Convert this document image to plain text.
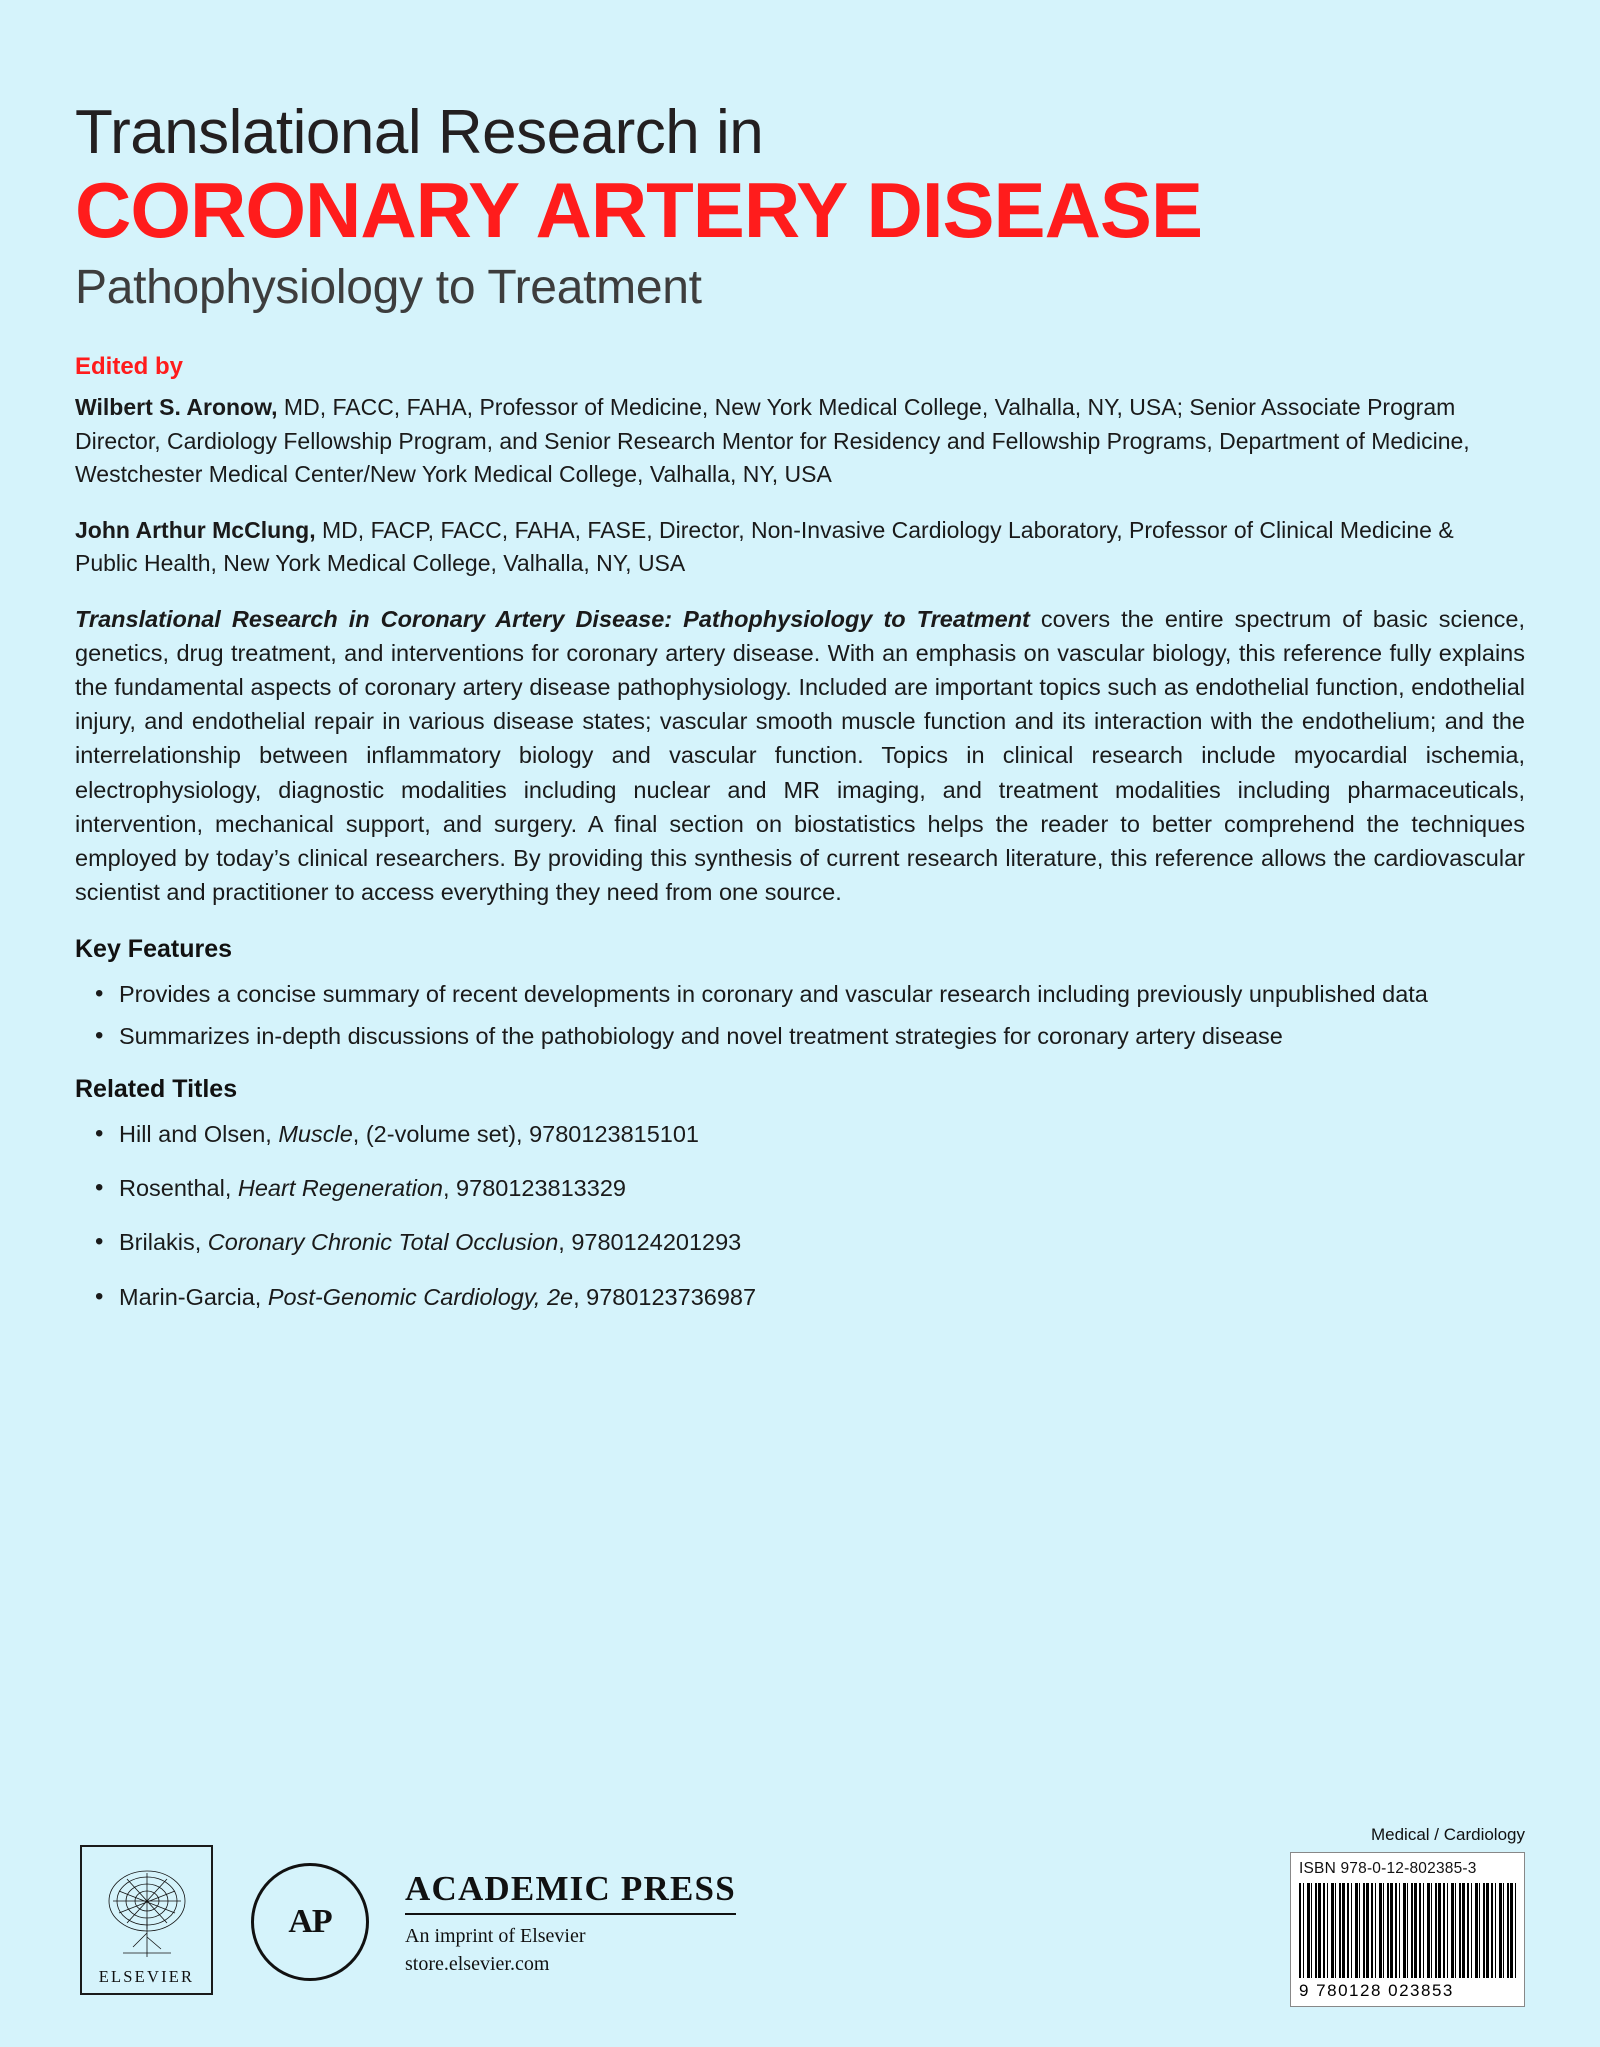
Translational Research in
CORONARY ARTERY DISEASE
Pathophysiology to Treatment
Edited by
Wilbert S. Aronow, MD, FACC, FAHA, Professor of Medicine, New York Medical College, Valhalla, NY, USA; Senior Associate Program Director, Cardiology Fellowship Program, and Senior Research Mentor for Residency and Fellowship Programs, Department of Medicine, Westchester Medical Center/New York Medical College, Valhalla, NY, USA
John Arthur McClung, MD, FACP, FACC, FAHA, FASE, Director, Non-Invasive Cardiology Laboratory, Professor of Clinical Medicine & Public Health, New York Medical College, Valhalla, NY, USA

Translational Research in Coronary Artery Disease: Pathophysiology to Treatment covers the entire spectrum of basic science, genetics, drug treatment, and interventions for coronary artery disease. With an emphasis on vascular biology, this reference fully explains the fundamental aspects of coronary artery disease pathophysiology. Included are important topics such as endothelial function, endothelial injury, and endothelial repair in various disease states; vascular smooth muscle function and its interaction with the endothelium; and the interrelationship between inflammatory biology and vascular function. Topics in clinical research include myocardial ischemia, electrophysiology, diagnostic modalities including nuclear and MR imaging, and treatment modalities including pharmaceuticals, intervention, mechanical support, and surgery. A final section on biostatistics helps the reader to better comprehend the techniques employed by today’s clinical researchers. By providing this synthesis of current research literature, this reference allows the cardiovascular scientist and practitioner to access everything they need from one source.

Key Features
• Provides a concise summary of recent developments in coronary and vascular research including previously unpublished data
• Summarizes in-depth discussions of the pathobiology and novel treatment strategies for coronary artery disease
Related Titles
• Hill and Olsen, Muscle, (2-volume set), 9780123815101
• Rosenthal, Heart Regeneration, 9780123813329
• Brilakis, Coronary Chronic Total Occlusion, 9780124201293
• Marin-Garcia, Post-Genomic Cardiology, 2e, 9780123736987
ELSEVIER
AP
ACADEMIC PRESS
An imprint of Elsevier
store.elsevier.com
Medical / Cardiology
ISBN 978-0-12-802385-3
9 780128 023853
